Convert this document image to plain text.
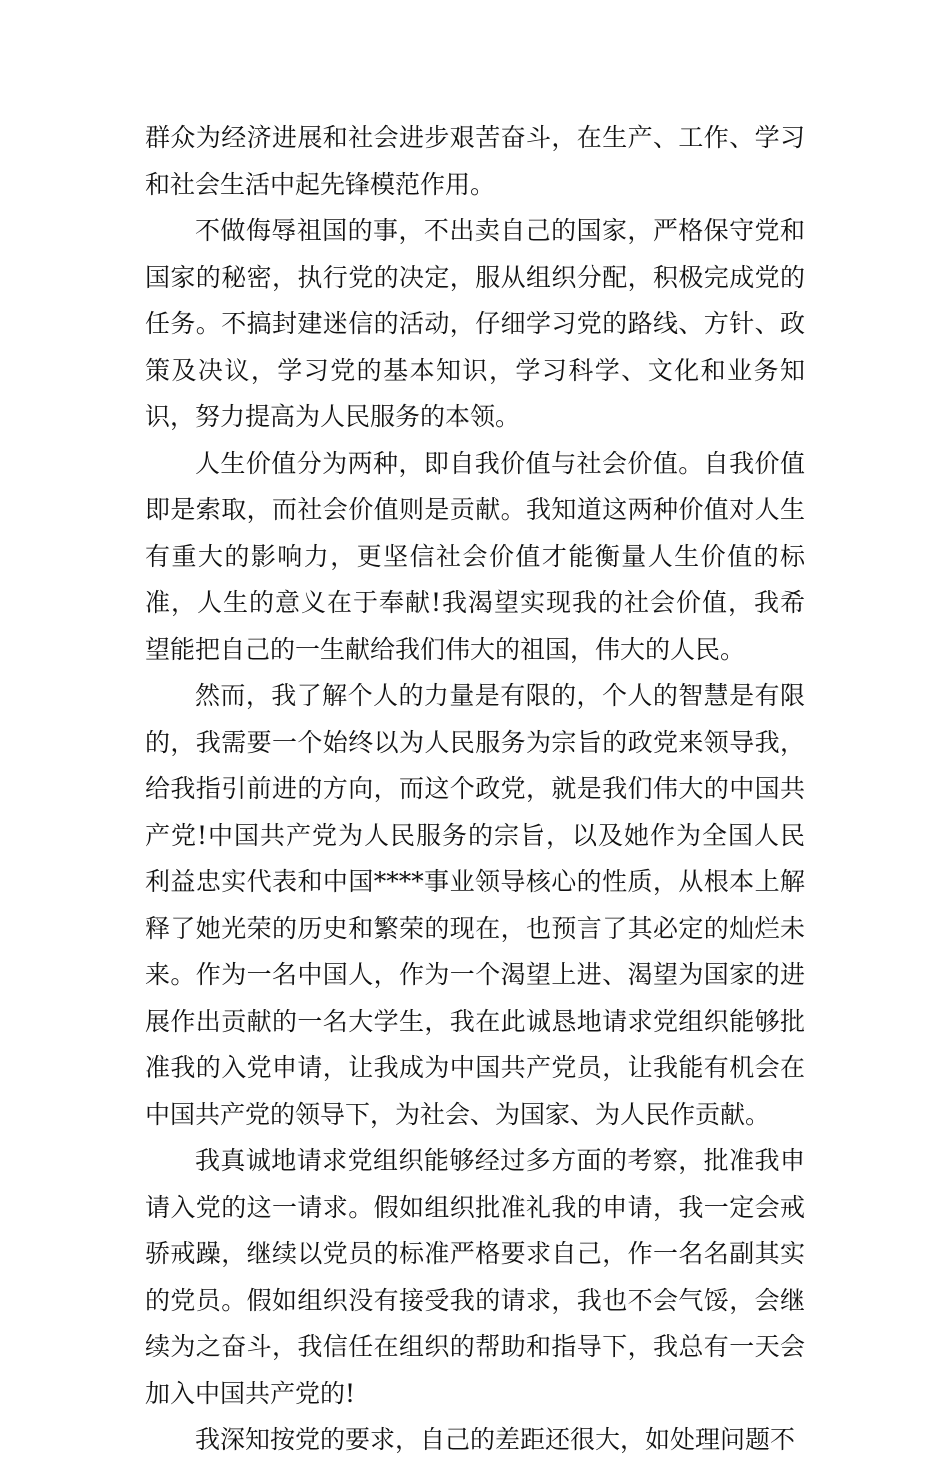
群众为经济进展和社会进步艰苦奋斗，在生产、工作、学习和社会生活中起先锋模范作用。

不做侮辱祖国的事，不出卖自己的国家，严格保守党和国家的秘密，执行党的决定，服从组织分配，积极完成党的任务。不搞封建迷信的活动，仔细学习党的路线、方针、政策及决议，学习党的基本知识，学习科学、文化和业务知识，努力提高为人民服务的本领。

人生价值分为两种，即自我价值与社会价值。自我价值即是索取，而社会价值则是贡献。我知道这两种价值对人生有重大的影响力，更坚信社会价值才能衡量人生价值的标准，人生的意义在于奉献!我渴望实现我的社会价值，我希望能把自己的一生献给我们伟大的祖国，伟大的人民。

然而，我了解个人的力量是有限的，个人的智慧是有限的，我需要一个始终以为人民服务为宗旨的政党来领导我，给我指引前进的方向，而这个政党，就是我们伟大的中国共产党!中国共产党为人民服务的宗旨，以及她作为全国人民利益忠实代表和中国****事业领导核心的性质，从根本上解释了她光荣的历史和繁荣的现在，也预言了其必定的灿烂未来。作为一名中国人，作为一个渴望上进、渴望为国家的进展作出贡献的一名大学生，我在此诚恳地请求党组织能够批准我的入党申请，让我成为中国共产党员，让我能有机会在中国共产党的领导下，为社会、为国家、为人民作贡献。

我真诚地请求党组织能够经过多方面的考察，批准我申请入党的这一请求。假如组织批准礼我的申请，我一定会戒骄戒躁，继续以党员的标准严格要求自己，作一名名副其实的党员。假如组织没有接受我的请求，我也不会气馁，会继续为之奋斗，我信任在组织的帮助和指导下，我总有一天会加入中国共产党的!

我深知按党的要求，自己的差距还很大，如处理问题不
